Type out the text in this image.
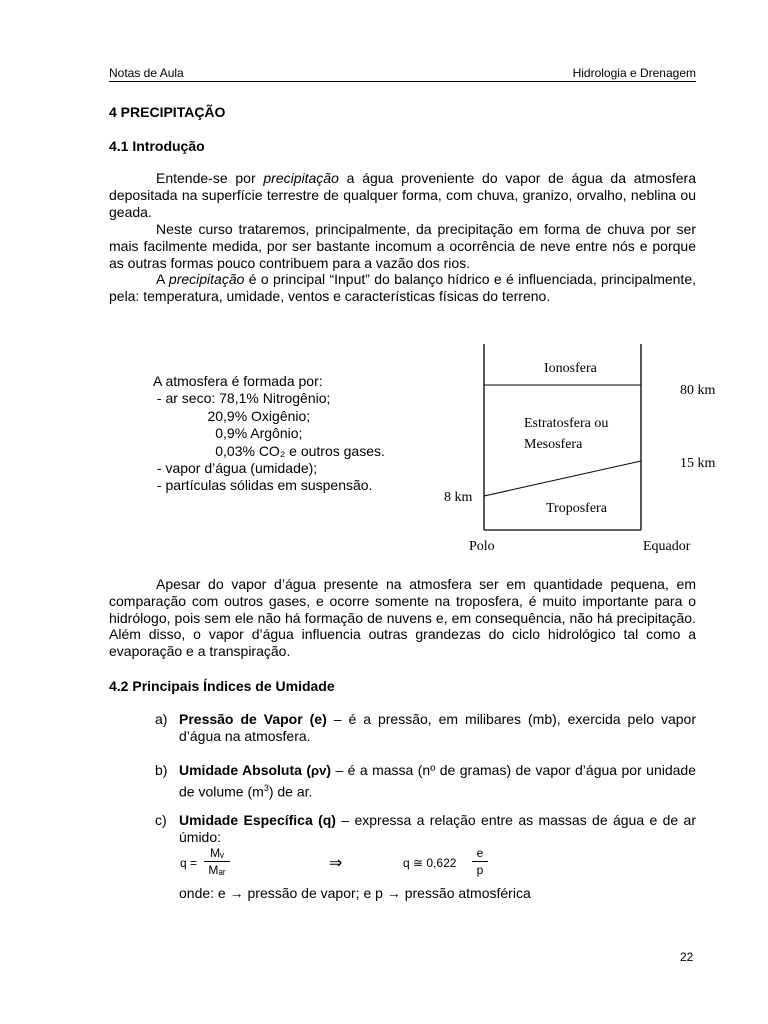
Notas de Aula	Hidrologia e Drenagem
4 PRECIPITAÇÃO
4.1 Introdução

Entende-se por precipitação a água proveniente do vapor de água da atmosfera depositada na superfície terrestre de qualquer forma, com chuva, granizo, orvalho, neblina ou geada.

Neste curso trataremos, principalmente, da precipitação em forma de chuva por ser mais facilmente medida, por ser bastante incomum a ocorrência de neve entre nós e porque as outras formas pouco contribuem para a vazão dos rios.

A precipitação é o principal “Input” do balanço hídrico e é influenciada, principalmente, pela: temperatura, umidade, ventos e características físicas do terreno.

A atmosfera é formada por:
- ar seco: 78,1% Nitrogênio;
20,9% Oxigênio;
0,9% Argônio;
0,03% CO₂ e outros gases.
- vapor d’água (umidade);
- partículas sólidas em suspensão.
Ionosfera
Estratosfera ou
Mesosfera
Troposfera
80 km
15 km
8 km
Polo	Equador

Apesar do vapor d’água presente na atmosfera ser em quantidade pequena, em comparação com outros gases, e ocorre somente na troposfera, é muito importante para o hidrólogo, pois sem ele não há formação de nuvens e, em consequência, não há precipitação. Além disso, o vapor d’água influencia outras grandezas do ciclo hidrológico tal como a evaporação e a transpiração.

4.2 Principais Índices de Umidade
a) Pressão de Vapor (e) – é a pressão, em milibares (mb), exercida pelo vapor d’água na atmosfera.
b) Umidade Absoluta (ρv) – é a massa (nº de gramas) de vapor d’água por unidade de volume $(m^3)$ de ar.
c) Umidade Específica (q) – expressa a relação entre as massas de água e de ar úmido:
q =
Mᵥ
Mₐᵣ	⇒	q ≅ 0,622
e
p
onde: e → pressão de vapor; e p → pressão atmosférica
22
